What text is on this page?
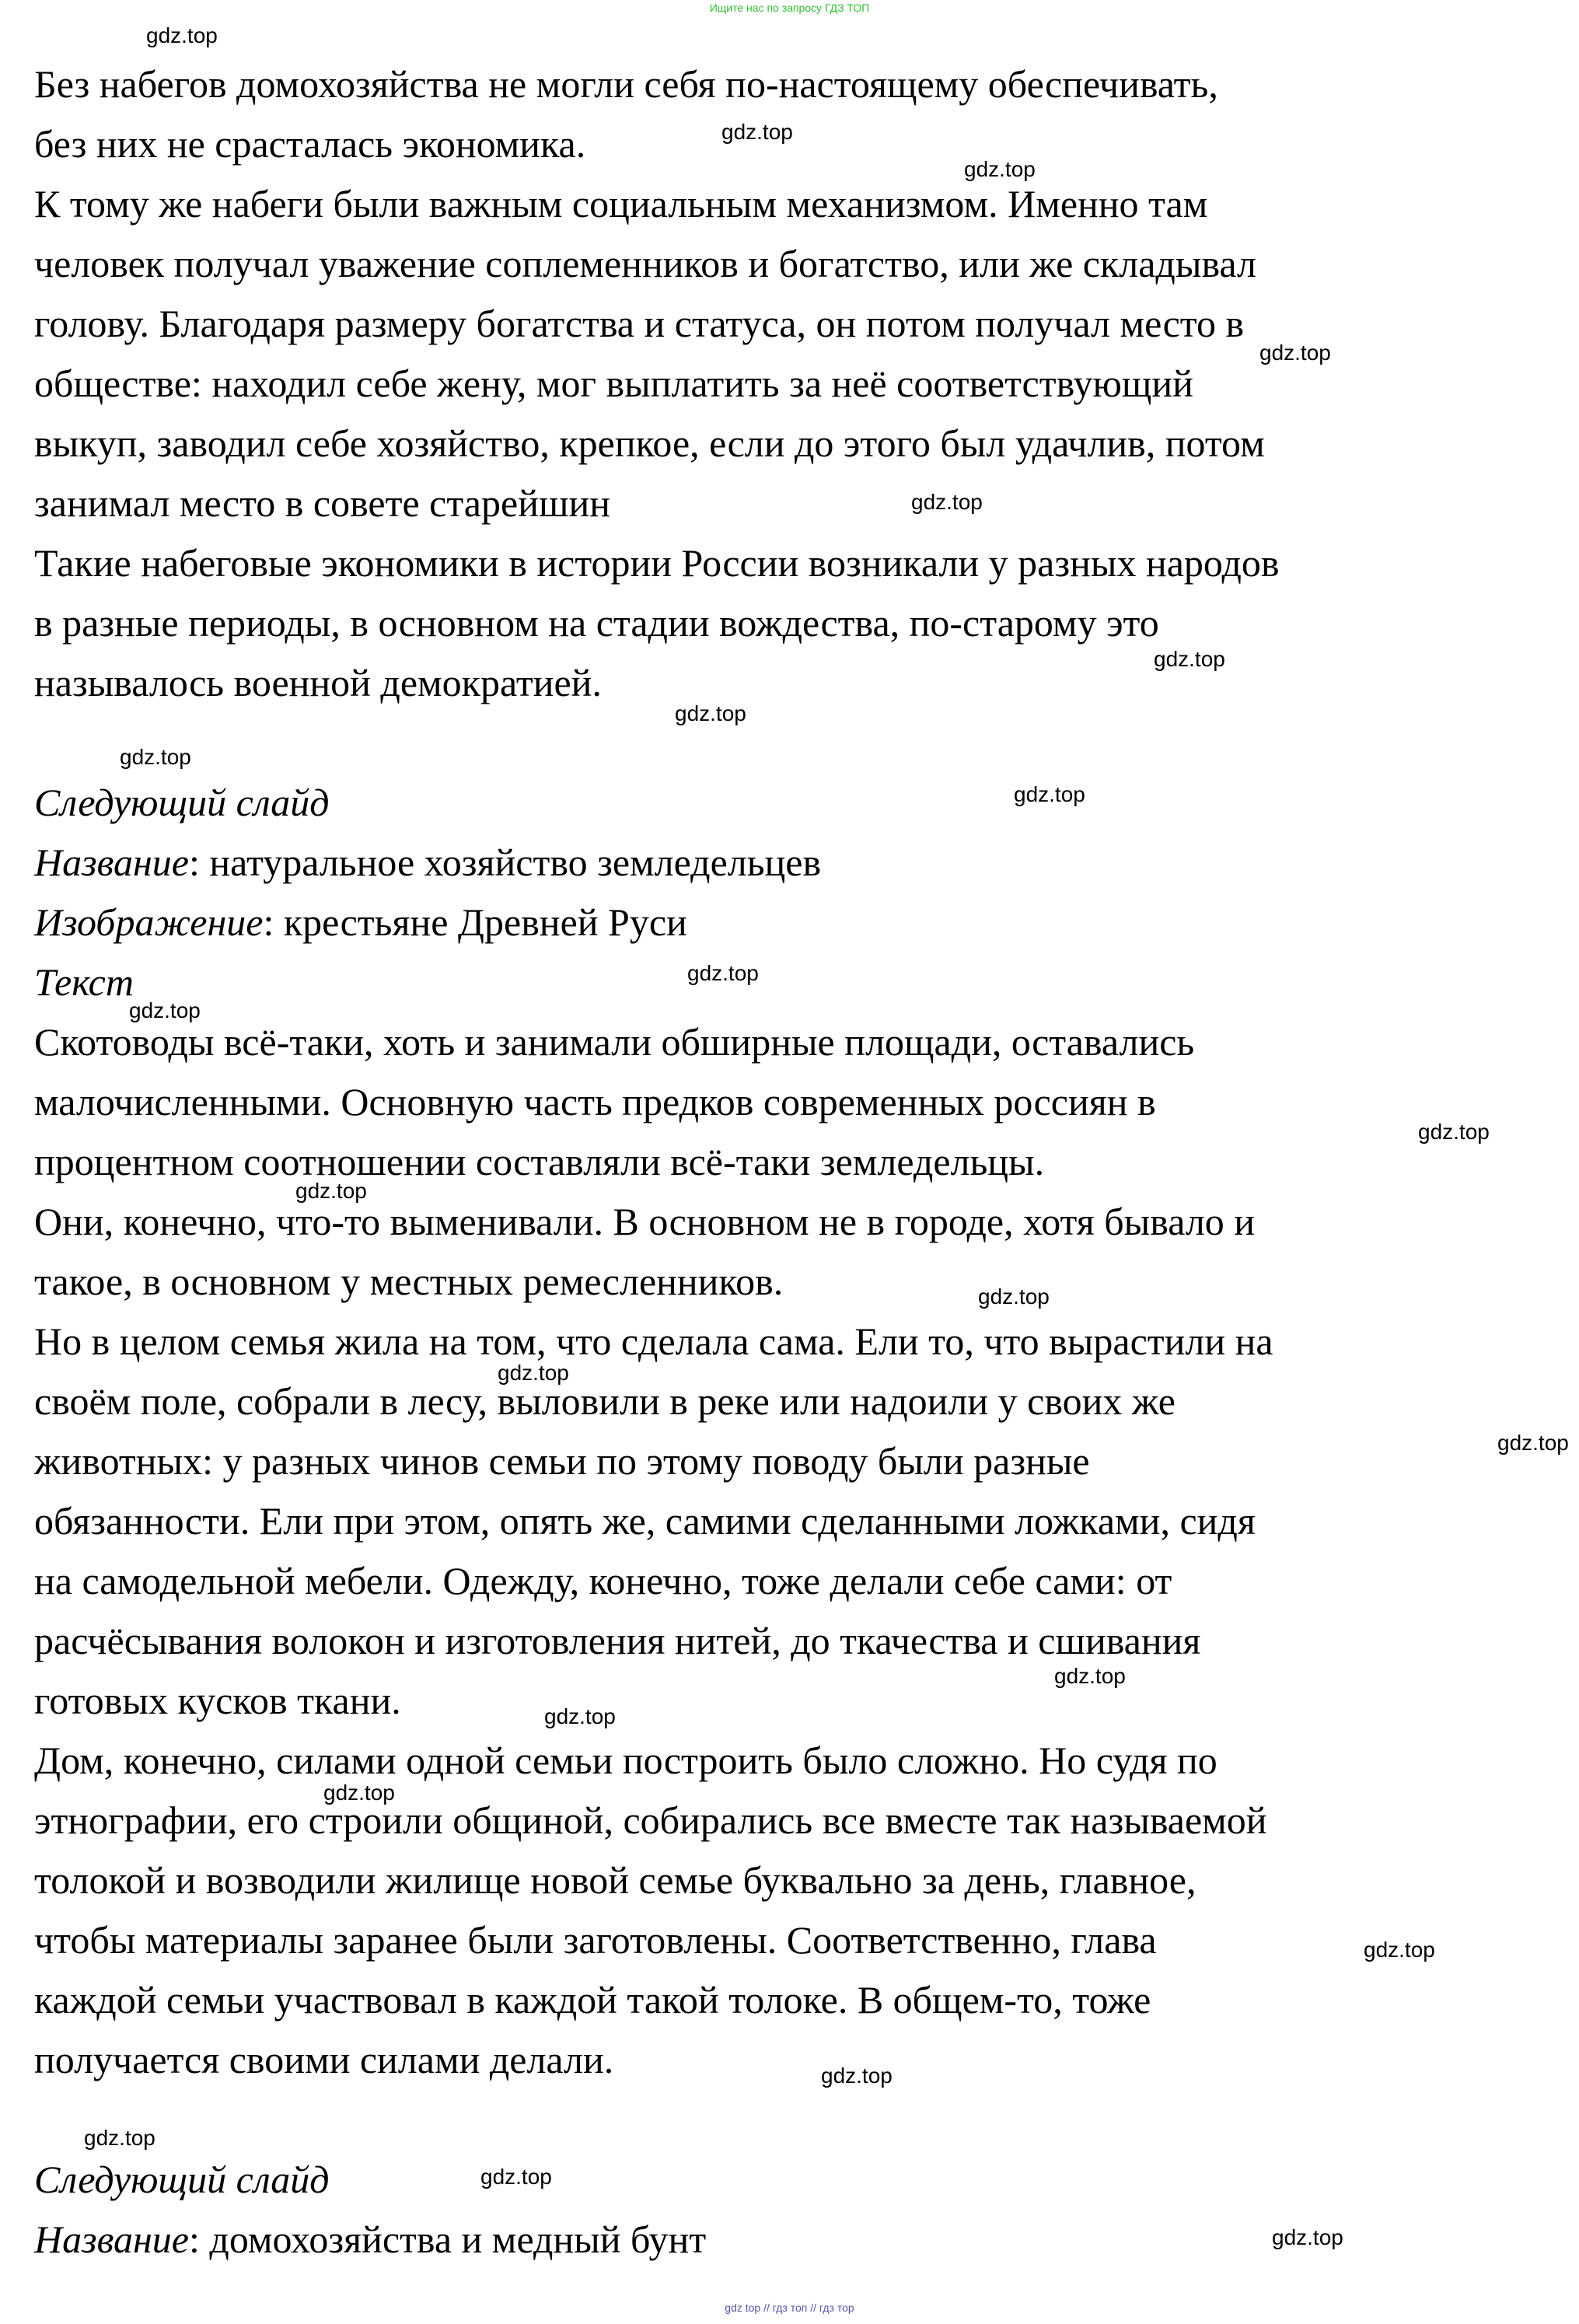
Ищите нас по запросу ГДЗ ТОП

Без набегов домохозяйства не могли себя по-настоящему обеспечивать,

без них не срасталась экономика.

К тому же набеги были важным социальным механизмом. Именно там

человек получал уважение соплеменников и богатство, или же складывал

голову. Благодаря размеру богатства и статуса, он потом получал место в

обществе: находил себе жену, мог выплатить за неё соответствующий

выкуп, заводил себе хозяйство, крепкое, если до этого был удачлив, потом

занимал место в совете старейшин

Такие набеговые экономики в истории России возникали у разных народов

в разные периоды, в основном на стадии вождества, по-старому это

называлось военной демократией.

Следующий слайд

Название: натуральное хозяйство земледельцев

Изображение: крестьяне Древней Руси

Текст

Скотоводы всё-таки, хоть и занимали обширные площади, оставались

малочисленными. Основную часть предков современных россиян в

процентном соотношении составляли всё-таки земледельцы.

Они, конечно, что-то выменивали. В основном не в городе, хотя бывало и

такое, в основном у местных ремесленников.

Но в целом семья жила на том, что сделала сама. Ели то, что вырастили на

своём поле, собрали в лесу, выловили в реке или надоили у своих же

животных: у разных чинов семьи по этому поводу были разные

обязанности. Ели при этом, опять же, самими сделанными ложками, сидя

на самодельной мебели. Одежду, конечно, тоже делали себе сами: от

расчёсывания волокон и изготовления нитей, до ткачества и сшивания

готовых кусков ткани.

Дом, конечно, силами одной семьи построить было сложно. Но судя по

этнографии, его строили общиной, собирались все вместе так называемой

толокой и возводили жилище новой семье буквально за день, главное,

чтобы материалы заранее были заготовлены. Соответственно, глава

каждой семьи участвовал в каждой такой толоке. В общем-то, тоже

получается своими силами делали.

Следующий слайд

Название: домохозяйства и медный бунт

gdz.top
gdz.top
gdz.top
gdz.top
gdz.top
gdz.top
gdz.top
gdz.top
gdz.top
gdz.top
gdz.top
gdz.top
gdz.top
gdz.top
gdz.top
gdz.top
gdz.top
gdz.top
gdz.top
gdz.top
gdz.top
gdz.top
gdz.top
gdz.top

gdz top // гдз топ // гдз тор
